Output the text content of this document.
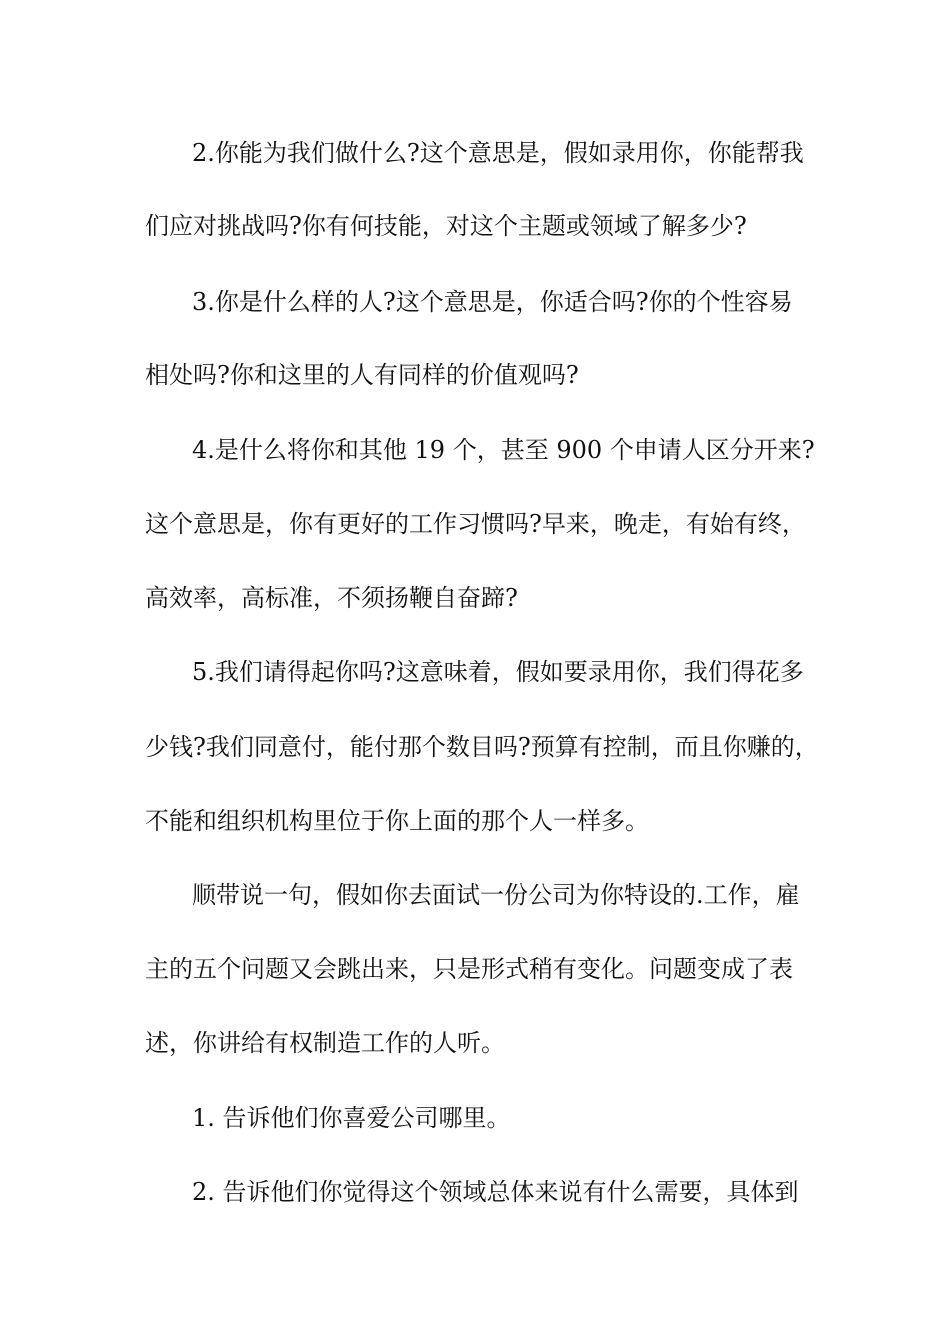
2.你能为我们做什么?这个意思是，假如录用你，你能帮我
们应对挑战吗?你有何技能，对这个主题或领域了解多少?
3.你是什么样的人?这个意思是，你适合吗?你的个性容易
相处吗?你和这里的人有同样的价值观吗?
4.是什么将你和其他 19 个，甚至 900 个申请人区分开来?
这个意思是，你有更好的工作习惯吗?早来，晚走，有始有终，
高效率，高标准，不须扬鞭自奋蹄?
5.我们请得起你吗?这意味着，假如要录用你，我们得花多
少钱?我们同意付，能付那个数目吗?预算有控制，而且你赚的，
不能和组织机构里位于你上面的那个人一样多。
顺带说一句，假如你去面试一份公司为你特设的.工作，雇
主的五个问题又会跳出来，只是形式稍有变化。问题变成了表
述，你讲给有权制造工作的人听。
1. 告诉他们你喜爱公司哪里。
2. 告诉他们你觉得这个领域总体来说有什么需要，具体到
